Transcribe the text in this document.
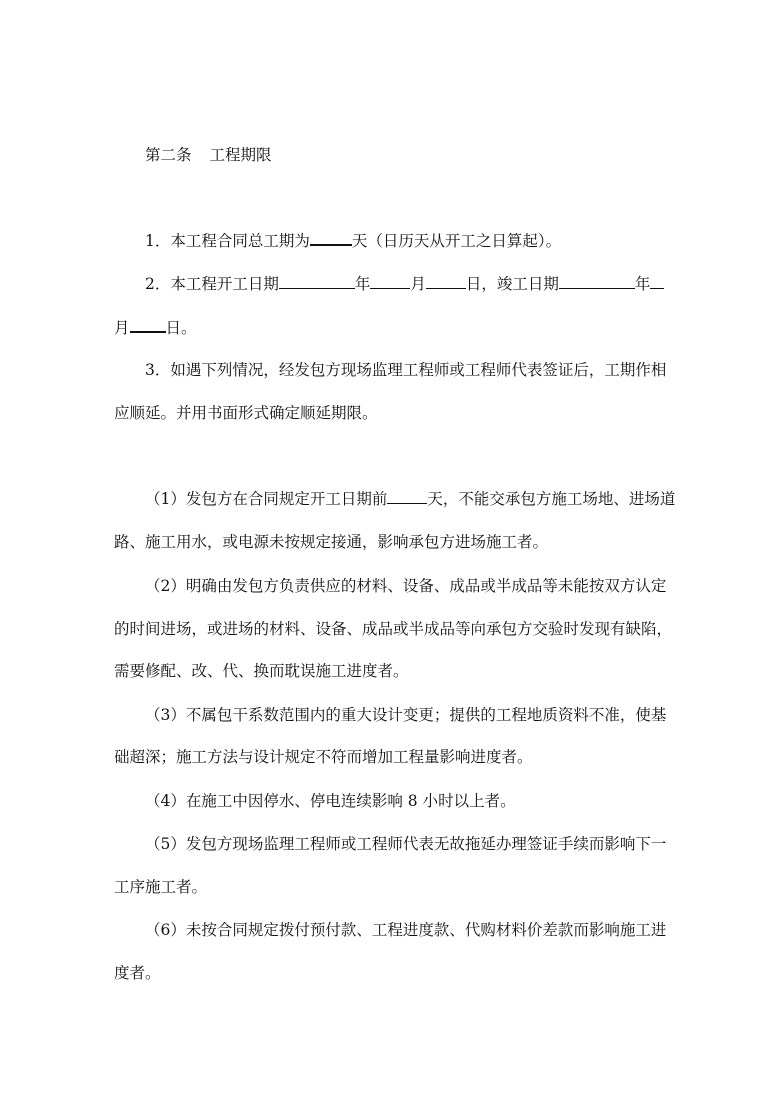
第二条 工程期限
1．本工程合同总工期为	天（日历天从开工之日算起）。
2．本工程开工日期	年	月	日，竣工日期	年
月 日。
3．如遇下列情况，经发包方现场监理工程师或工程师代表签证后，工期作相
应顺延。并用书面形式确定顺延期限。
（1）发包方在合同规定开工日期前	天，不能交承包方施工场地、进场道
路、施工用水，或电源未按规定接通，影响承包方进场施工者。
（2）明确由发包方负责供应的材料、设备、成品或半成品等未能按双方认定
的时间进场，或进场的材料、设备、成品或半成品等向承包方交验时发现有缺陷，
需要修配、改、代、换而耽误施工进度者。
（3）不属包干系数范围内的重大设计变更；提供的工程地质资料不准，使基
础超深；施工方法与设计规定不符而增加工程量影响进度者。
（4）在施工中因停水、停电连续影响 8 小时以上者。
（5）发包方现场监理工程师或工程师代表无故拖延办理签证手续而影响下一
工序施工者。
（6）未按合同规定拨付预付款、工程进度款、代购材料价差款而影响施工进
度者。
